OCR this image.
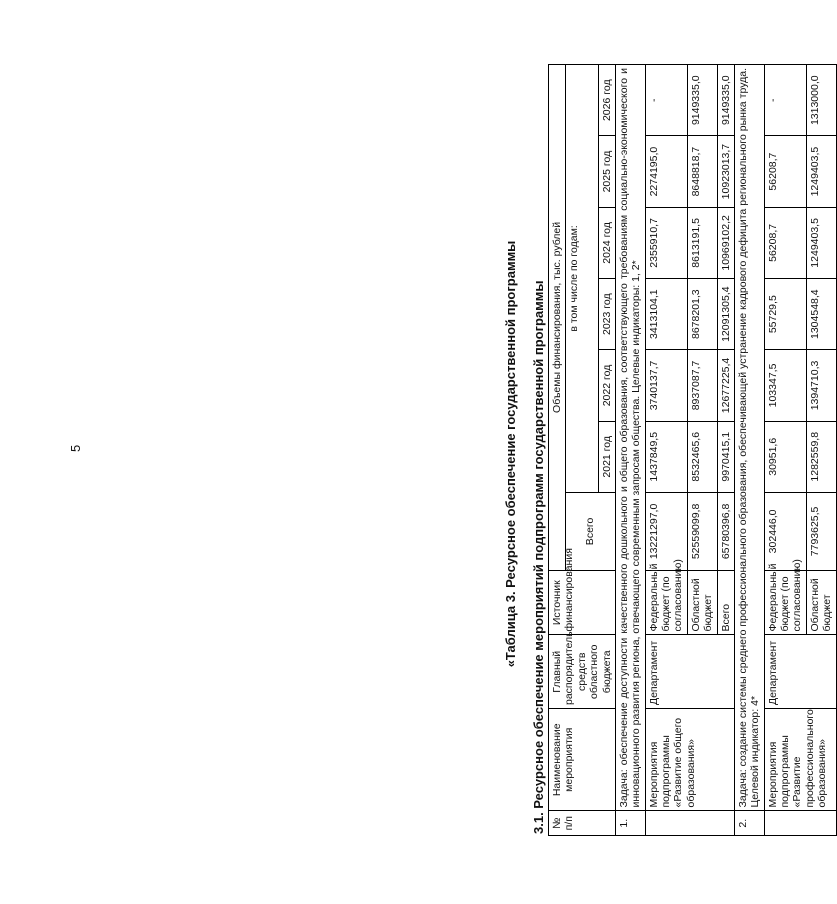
5	«Таблица 3. Ресурсное обеспечение государственной программы 3.1. Ресурсное обеспечение мероприятий подпрограмм государственной программы № п/п	Наименование мероприятия	Главный распорядитель средств областного бюджета	Источник финансирования	Объемы финансирования, тыс. рублей						
				Всего	в том числе по годам:					
					2021 год	2022 год	2023 год	2024 год	2025 год	2026 год
1.	Задача: обеспечение доступности качественного дошкольного и общего образования, соответствующего требованиям социально-экономического и инновационного развития региона, отвечающего современным запросам общества. Целевые индикаторы: 1, 2*									
	Мероприятия подпрограммы «Развитие общего образования»	Департамент	Федеральный бюджет (по согласованию)	13221297,0	1437849,5	3740137,7	3413104,1	2355910,7	2274195,0	-
			Областной бюджет	52559099,8	8532465,6	8937087,7	8678201,3	8613191,5	8648818,7	9149335,0
			Всего	65780396,8	9970415,1	12677225,4	12091305,4	10969102,2	10923013,7	9149335,0
2.	Задача: создание системы среднего профессионального образования, обеспечивающей устранение кадрового дефицита регионального рынка труда. Целевой индикатор: 4*									
	Мероприятия подпрограммы «Развитие профессионального образования»	Департамент	Федеральный бюджет (по согласованию)	302446,0	30951,6	103347,5	55729,5	56208,7	56208,7	-
			Областной бюджет	7793625,5	1282559,8	1394710,3	1304548,4	1249403,5	1249403,5	1313000,0
